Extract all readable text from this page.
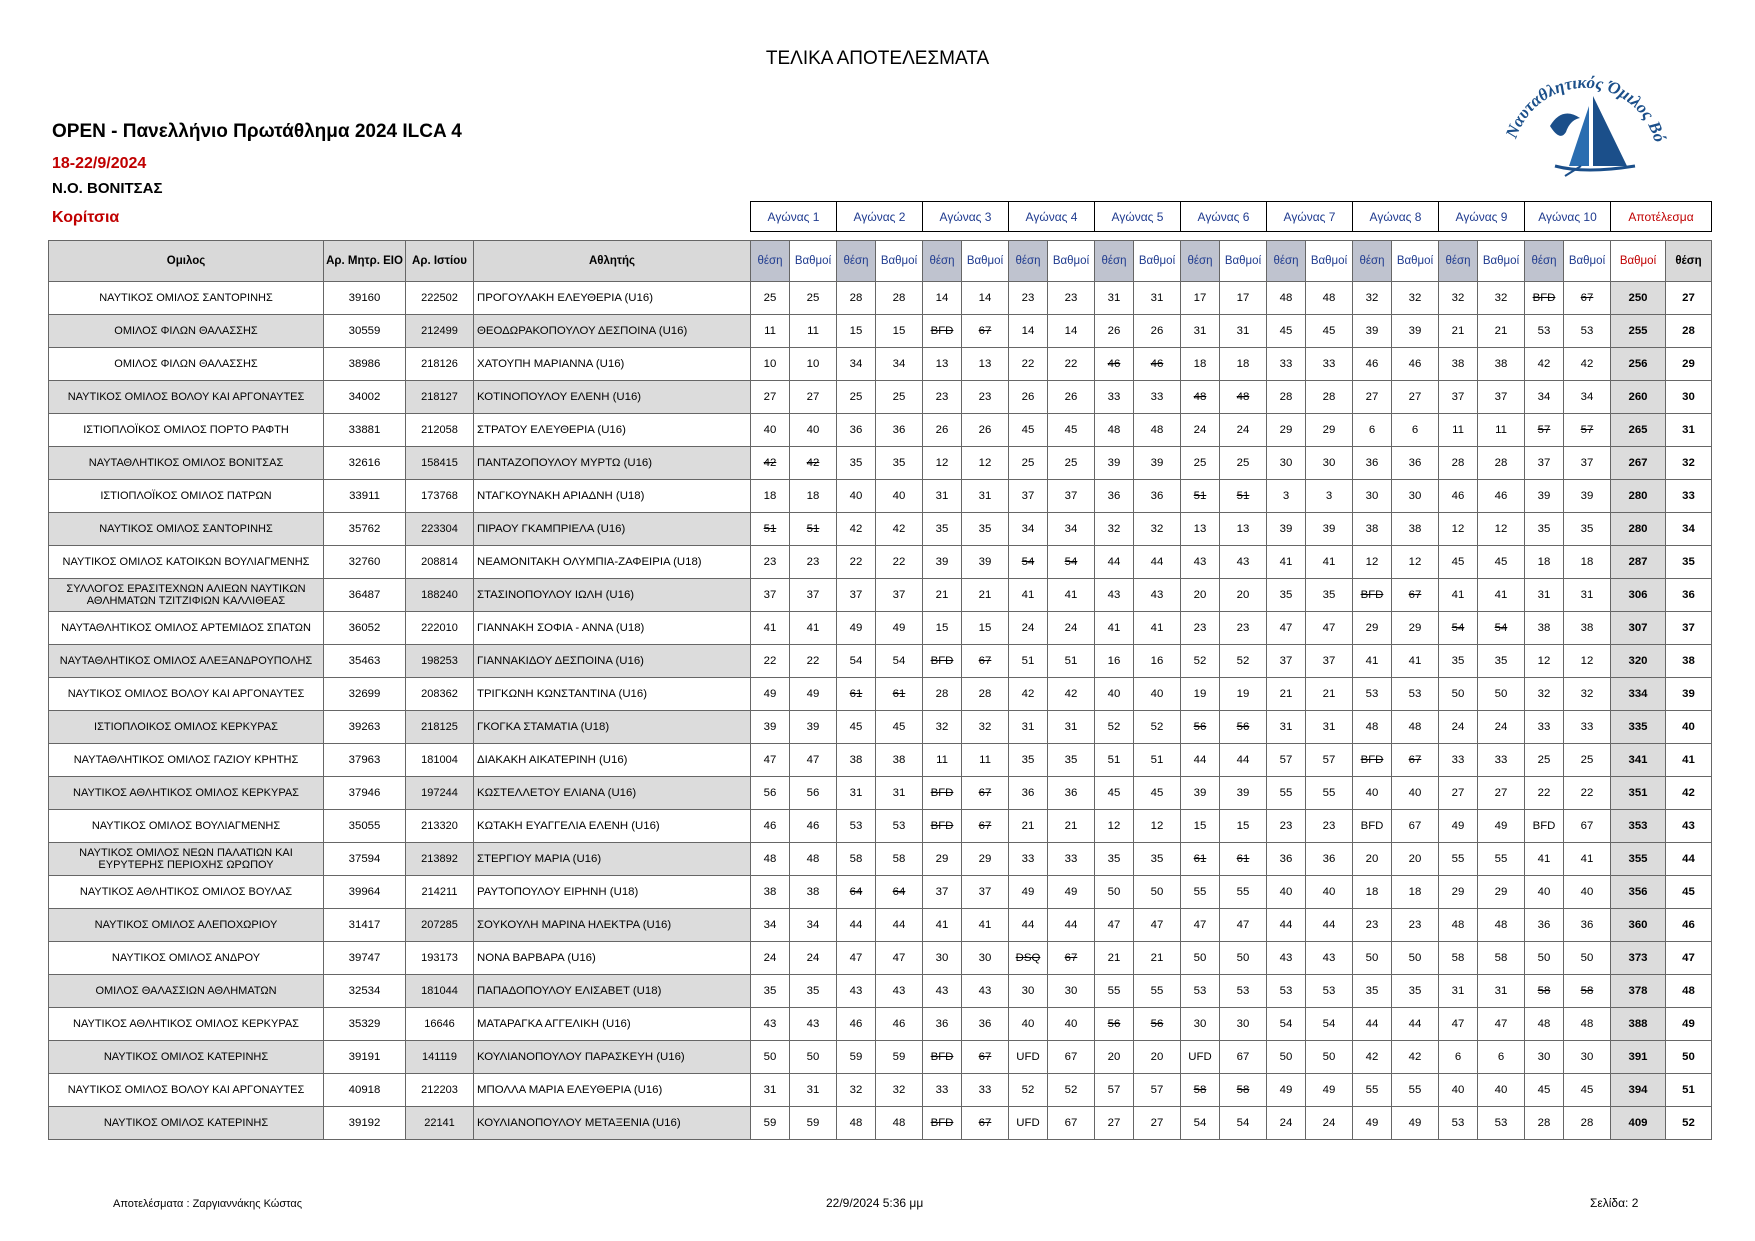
ΤΕΛΙΚΑ ΑΠΟΤΕΛΕΣΜΑΤΑ
OPEN - Πανελλήνιο Πρωτάθλημα 2024 ILCA 4
18-22/9/2024
Ν.Ο. ΒΟΝΙΤΣΑΣ
Κορίτσια
Ναυταθλητικός Όμιλος Βό
Αγώνας 1	Αγώνας 2	Αγώνας 3	Αγώνας 4	Αγώνας 5	Αγώνας 6	Αγώνας 7	Αγώνας 8	Αγώνας 9	Αγώνας 10	Αποτέλεσμα
Ομιλος	Αρ. Μητρ. ΕΙΟ	Αρ. Ιστίου	Αθλητής	θέση	Βαθμοί	θέση	Βαθμοί	θέση	Βαθμοί	θέση	Βαθμοί	θέση	Βαθμοί	θέση	Βαθμοί	θέση	Βαθμοί	θέση	Βαθμοί	θέση	Βαθμοί	θέση	Βαθμοί	Βαθμοί	θέση
ΝΑΥΤΙΚΟΣ ΟΜΙΛΟΣ ΣΑΝΤΟΡΙΝΗΣ	39160	222502	ΠΡΟΓΟΥΛΑΚΗ ΕΛΕΥΘΕΡΙΑ (U16)	25	25	28	28	14	14	23	23	31	31	17	17	48	48	32	32	32	32	BFD	67	250	27
ΟΜΙΛΟΣ ΦΙΛΩΝ ΘΑΛΑΣΣΗΣ	30559	212499	ΘΕΟΔΩΡΑΚΟΠΟΥΛΟΥ ΔΕΣΠΟΙΝΑ (U16)	11	11	15	15	BFD	67	14	14	26	26	31	31	45	45	39	39	21	21	53	53	255	28
ΟΜΙΛΟΣ ΦΙΛΩΝ ΘΑΛΑΣΣΗΣ	38986	218126	ΧΑΤΟΥΠΗ ΜΑΡΙΑΝΝΑ (U16)	10	10	34	34	13	13	22	22	46	46	18	18	33	33	46	46	38	38	42	42	256	29
ΝΑΥΤΙΚΟΣ ΟΜΙΛΟΣ ΒΟΛΟΥ ΚΑΙ ΑΡΓΟΝΑΥΤΕΣ	34002	218127	ΚΟΤΙΝΟΠΟΥΛΟΥ ΕΛΕΝΗ (U16)	27	27	25	25	23	23	26	26	33	33	48	48	28	28	27	27	37	37	34	34	260	30
ΙΣΤΙΟΠΛΟΪΚΟΣ ΟΜΙΛΟΣ ΠΟΡΤΟ ΡΑΦΤΗ	33881	212058	ΣΤΡΑΤΟΥ ΕΛΕΥΘΕΡΙΑ (U16)	40	40	36	36	26	26	45	45	48	48	24	24	29	29	6	6	11	11	57	57	265	31
ΝΑΥΤΑΘΛΗΤΙΚΟΣ ΟΜΙΛΟΣ ΒΟΝΙΤΣΑΣ	32616	158415	ΠΑΝΤΑΖΟΠΟΥΛΟΥ ΜΥΡΤΩ (U16)	42	42	35	35	12	12	25	25	39	39	25	25	30	30	36	36	28	28	37	37	267	32
ΙΣΤΙΟΠΛΟΪΚΟΣ ΟΜΙΛΟΣ ΠΑΤΡΩΝ	33911	173768	ΝΤΑΓΚΟΥΝΑΚΗ ΑΡΙΑΔΝΗ (U18)	18	18	40	40	31	31	37	37	36	36	51	51	3	3	30	30	46	46	39	39	280	33
ΝΑΥΤΙΚΟΣ ΟΜΙΛΟΣ ΣΑΝΤΟΡΙΝΗΣ	35762	223304	ΠΙΡΑΟΥ ΓΚΑΜΠΡΙΕΛΑ (U16)	51	51	42	42	35	35	34	34	32	32	13	13	39	39	38	38	12	12	35	35	280	34
ΝΑΥΤΙΚΟΣ ΟΜΙΛΟΣ ΚΑΤΟΙΚΩΝ ΒΟΥΛΙΑΓΜΕΝΗΣ	32760	208814	ΝΕΑΜΟΝΙΤΑΚΗ ΟΛΥΜΠΙΑ-ΖΑΦΕΙΡΙΑ (U18)	23	23	22	22	39	39	54	54	44	44	43	43	41	41	12	12	45	45	18	18	287	35
ΣΥΛΛΟΓΟΣ ΕΡΑΣΙΤΕΧΝΩΝ ΑΛΙΕΩΝ ΝΑΥΤΙΚΩΝ ΑΘΛΗΜΑΤΩΝ ΤΖΙΤΖΙΦΙΩΝ ΚΑΛΛΙΘΕΑΣ	36487	188240	ΣΤΑΣΙΝΟΠΟΥΛΟΥ ΙΩΛΗ (U16)	37	37	37	37	21	21	41	41	43	43	20	20	35	35	BFD	67	41	41	31	31	306	36
ΝΑΥΤΑΘΛΗΤΙΚΟΣ ΟΜΙΛΟΣ ΑΡΤΕΜΙΔΟΣ ΣΠΑΤΩΝ	36052	222010	ΓΙΑΝΝΑΚΗ ΣΟΦΙΑ - ΑΝΝΑ (U18)	41	41	49	49	15	15	24	24	41	41	23	23	47	47	29	29	54	54	38	38	307	37
ΝΑΥΤΑΘΛΗΤΙΚΟΣ ΟΜΙΛΟΣ ΑΛΕΞΑΝΔΡΟΥΠΟΛΗΣ	35463	198253	ΓΙΑΝΝΑΚΙΔΟΥ ΔΕΣΠΟΙΝΑ (U16)	22	22	54	54	BFD	67	51	51	16	16	52	52	37	37	41	41	35	35	12	12	320	38
ΝΑΥΤΙΚΟΣ ΟΜΙΛΟΣ ΒΟΛΟΥ ΚΑΙ ΑΡΓΟΝΑΥΤΕΣ	32699	208362	ΤΡΙΓΚΩΝΗ ΚΩΝΣΤΑΝΤΙΝΑ (U16)	49	49	61	61	28	28	42	42	40	40	19	19	21	21	53	53	50	50	32	32	334	39
ΙΣΤΙΟΠΛΟΙΚΟΣ ΟΜΙΛΟΣ ΚΕΡΚΥΡΑΣ	39263	218125	ΓΚΟΓΚΑ ΣΤΑΜΑΤΙΑ (U18)	39	39	45	45	32	32	31	31	52	52	56	56	31	31	48	48	24	24	33	33	335	40
ΝΑΥΤΑΘΛΗΤΙΚΟΣ ΟΜΙΛΟΣ ΓΑΖΙΟΥ ΚΡΗΤΗΣ	37963	181004	ΔΙΑΚΑΚΗ ΑΙΚΑΤΕΡΙΝΗ (U16)	47	47	38	38	11	11	35	35	51	51	44	44	57	57	BFD	67	33	33	25	25	341	41
ΝΑΥΤΙΚΟΣ ΑΘΛΗΤΙΚΟΣ ΟΜΙΛΟΣ ΚΕΡΚΥΡΑΣ	37946	197244	ΚΩΣΤΕΛΛΕΤΟΥ ΕΛΙΑΝΑ (U16)	56	56	31	31	BFD	67	36	36	45	45	39	39	55	55	40	40	27	27	22	22	351	42
ΝΑΥΤΙΚΟΣ ΟΜΙΛΟΣ ΒΟΥΛΙΑΓΜΕΝΗΣ	35055	213320	ΚΩΤΑΚΗ ΕΥΑΓΓΕΛΙΑ ΕΛΕΝΗ (U16)	46	46	53	53	BFD	67	21	21	12	12	15	15	23	23	BFD	67	49	49	BFD	67	353	43
ΝΑΥΤΙΚΟΣ ΟΜΙΛΟΣ ΝΕΩΝ ΠΑΛΑΤΙΩΝ ΚΑΙ ΕΥΡΥΤΕΡΗΣ ΠΕΡΙΟΧΗΣ ΩΡΩΠΟΥ	37594	213892	ΣΤΕΡΓΙΟΥ ΜΑΡΙΑ (U16)	48	48	58	58	29	29	33	33	35	35	61	61	36	36	20	20	55	55	41	41	355	44
ΝΑΥΤΙΚΟΣ ΑΘΛΗΤΙΚΟΣ ΟΜΙΛΟΣ ΒΟΥΛΑΣ	39964	214211	ΡΑΥΤΟΠΟΥΛΟΥ ΕΙΡΗΝΗ (U18)	38	38	64	64	37	37	49	49	50	50	55	55	40	40	18	18	29	29	40	40	356	45
ΝΑΥΤΙΚΟΣ ΟΜΙΛΟΣ ΑΛΕΠΟΧΩΡΙΟΥ	31417	207285	ΣΟΥΚΟΥΛΗ ΜΑΡΙΝΑ ΗΛΕΚΤΡΑ (U16)	34	34	44	44	41	41	44	44	47	47	47	47	44	44	23	23	48	48	36	36	360	46
ΝΑΥΤΙΚΟΣ ΟΜΙΛΟΣ ΑΝΔΡΟΥ	39747	193173	ΝΟΝΑ ΒΑΡΒΑΡΑ (U16)	24	24	47	47	30	30	DSQ	67	21	21	50	50	43	43	50	50	58	58	50	50	373	47
ΟΜΙΛΟΣ ΘΑΛΑΣΣΙΩΝ ΑΘΛΗΜΑΤΩΝ	32534	181044	ΠΑΠΑΔΟΠΟΥΛΟΥ ΕΛΙΣΑΒΕΤ (U18)	35	35	43	43	43	43	30	30	55	55	53	53	53	53	35	35	31	31	58	58	378	48
ΝΑΥΤΙΚΟΣ ΑΘΛΗΤΙΚΟΣ ΟΜΙΛΟΣ ΚΕΡΚΥΡΑΣ	35329	16646	ΜΑΤΑΡΑΓΚΑ ΑΓΓΕΛΙΚΗ (U16)	43	43	46	46	36	36	40	40	56	56	30	30	54	54	44	44	47	47	48	48	388	49
ΝΑΥΤΙΚΟΣ ΟΜΙΛΟΣ ΚΑΤΕΡΙΝΗΣ	39191	141119	ΚΟΥΛΙΑΝΟΠΟΥΛΟΥ ΠΑΡΑΣΚΕΥΗ (U16)	50	50	59	59	BFD	67	UFD	67	20	20	UFD	67	50	50	42	42	6	6	30	30	391	50
ΝΑΥΤΙΚΟΣ ΟΜΙΛΟΣ ΒΟΛΟΥ ΚΑΙ ΑΡΓΟΝΑΥΤΕΣ	40918	212203	ΜΠΟΛΛΑ ΜΑΡΙΑ ΕΛΕΥΘΕΡΙΑ (U16)	31	31	32	32	33	33	52	52	57	57	58	58	49	49	55	55	40	40	45	45	394	51
ΝΑΥΤΙΚΟΣ ΟΜΙΛΟΣ ΚΑΤΕΡΙΝΗΣ	39192	22141	ΚΟΥΛΙΑΝΟΠΟΥΛΟΥ ΜΕΤΑΞΕΝΙΑ (U16)	59	59	48	48	BFD	67	UFD	67	27	27	54	54	24	24	49	49	53	53	28	28	409	52
Αποτελέσματα : Ζαργιαννάκης Κώστας	22/9/2024 5:36 μμ	Σελίδα: 2
